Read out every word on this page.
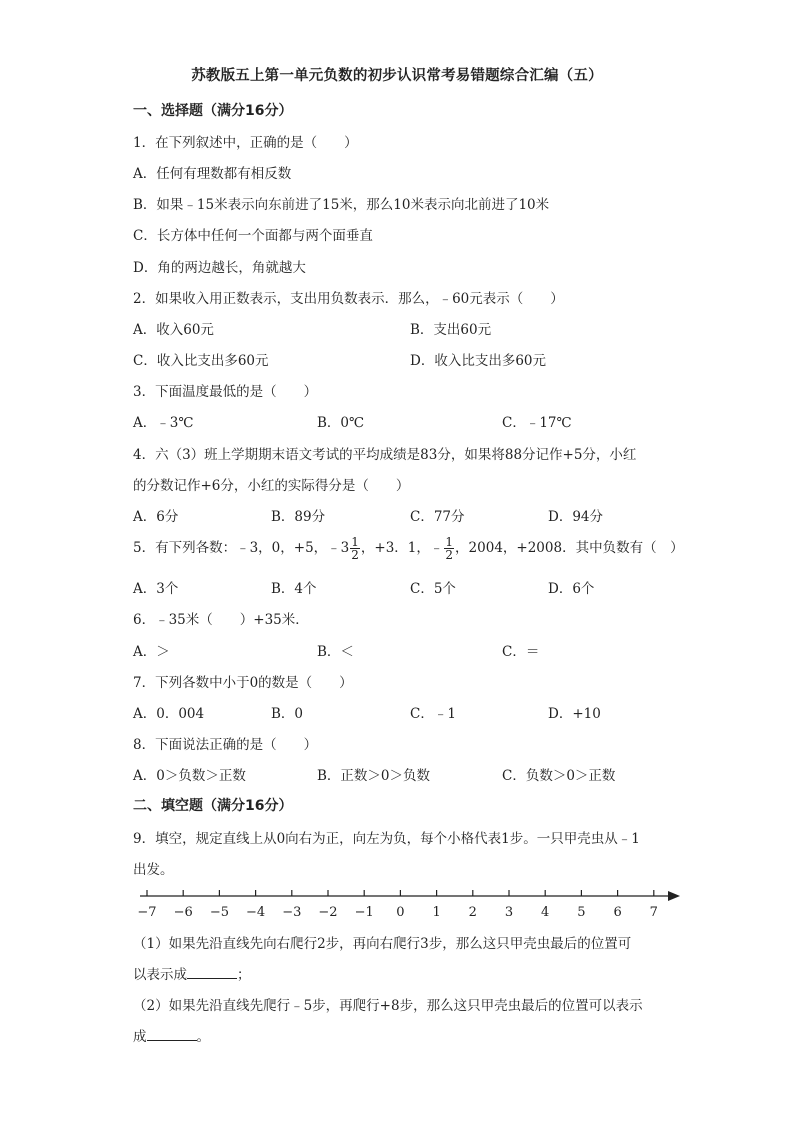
苏教版五上第一单元负数的初步认识常考易错题综合汇编（五）
一、选择题（满分16分）
1．在下列叙述中，正确的是（　　）
A．任何有理数都有相反数
B．如果﹣15米表示向东前进了15米，那么10米表示向北前进了10米
C．长方体中任何一个面都与两个面垂直
D．角的两边越长，角就越大
2．如果收入用正数表示，支出用负数表示．那么，﹣60元表示（　　）
A．收入60元	B．支出60元
C．收入比支出多60元	D．收入比支出多60元
3．下面温度最低的是（　　）
A．﹣3℃	B．0℃	C．﹣17℃
4．六（3）班上学期期末语文考试的平均成绩是83分，如果将88分记作+5分，小红
的分数记作+6分，小红的实际得分是（　　）
A．6分	B．89分	C．77分	D．94分
5．有下列各数：﹣3，0，+5，﹣3 $\frac{1}{2}$ ，+3．1，﹣ $\frac{1}{2}$ ，2004，+2008．其中负数有（　）
A．3个	B．4个	C．5个	D．6个
6．﹣35米（　　）+35米．
A．＞	B．＜	C．＝
7．下列各数中小于0的数是（　　）
A．0．004	B．0	C．﹣1	D．+10
8．下面说法正确的是（　　）
A．0＞负数＞正数	B．正数＞0＞负数	C．负数＞0＞正数
二、填空题（满分16分）
9．填空，规定直线上从0向右为正，向左为负，每个小格代表1步。一只甲壳虫从﹣1
出发。
−7 −6 −5 −4 −3 −2 −1 0 1 2 3 4 5 6 7
（1）如果先沿直线先向右爬行2步，再向右爬行3步，那么这只甲壳虫最后的位置可
以表示成	；
（2）如果先沿直线先爬行﹣5步，再爬行+8步，那么这只甲壳虫最后的位置可以表示
成	。
